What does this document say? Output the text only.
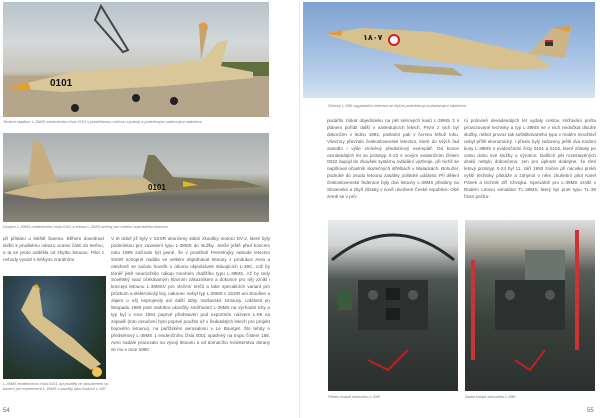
0101
Tovární stadium L-39MS evidenčního čísla 0101 s podvěšenou cvičnou výzbrojí a podvěsnými palivovými nádržemi
0101
Dvojice L-39MS evidenčního čísla 0101 a letoun L-39ZA určený pro tuhého vojenského letectva

při přistání u letiště Šarena. Během dosednutí došlo k prudkému nárazu ocasní části do terénu, a ta se proto oddělila od zbytku letounu. Pilot z nehody vyvázl s lehkými zraněními.

L-39MS evidenčního čísla 0101 byl později ve zkoušeném vybavení pro experiment L-39MS a použitý jako funkční L-59T

V té době již byly v SSSR ukončeny státní zkoušky motoru DV-2, které byly podmínkou pro zavedení typu L-39MS do služby. Jenže ještě před koncem roku 1989 začínalo být jasné, že v prostředí Perestrojky nebude letectvo SSSR schopné nadále ve velkém objednávat letouny z produkce Aera a otevřeně se začalo hovořit o útlumu objednávek stávajících L-39C, což by téměř jistě neumožnilo nákup mnohem dražšího typu L-39MS. Až by tedy Sovětský svaz očekávaným hlavním zákazníkem a dokonce pro něj vznikl i koncept letounu L-39MSV pro vlečení terčů a také speciálních variant pro průzkum a elektronický boj, nakonec nebyl typ L-39MS v SSSR ani zkoušen a zájem o něj neprojevily ani další státy Varšavské smlouvy. Události po listopadu 1989 poté nadobro ukončily směřování L-39MS na východní trhy a typ byl v roce 1991 poprvé představen pod exportním názvem L-59 na západě (toto označení bylo poprvé použito už v šedesátých letech pro projekt bojového letounu), na pařížském aerosalonu v Le Bourget. Šlo tehdy o předsériový L-39MS 1 evidenčního čísla 0001 opatřený na trupu číslem 188. Aero nadále pracovalo na vývoji letounu a od domácího ministerstva obrany se mu v roce 1990

54
١٨٠٧
Sériový L-59E egyptského letectva se čtyřmi podvěšenými přídavnými nádržemi

podařilo získat objednávku na pět sériových kusů L-39MS 3 s plánem pořídit další v následujících letech. První z nich byl dokončen v lednu 1992, poslední pak v červnu téhož roku. Všechny převzalo československé letectvo, které do svých řad zavedlo i výše zmíněný předsériový exemplář. Od konce osmdesátých let se prototyp X-22 s novým evidenčním číslem 0022 zapojil do zkoušek systému ovládání výzbroje, při nichž se naplňoval účastník skutečných střelbách v Malackách. Bohužel, podruhé do osudu letounu zasáhly politické události. Při dělení československé federace byly dva letouny L-39MS předány na Slovensko a zbylí zůstaly v nově utvořené České republice. Obě země se v prů-

ní polovině devadesátých let vydaly cestou snižování počtu provozované techniky a typ L-39MS se v nich nedočkal dlouhé služby, neboť provoz tak sofistikovaného typu v malém množství nebyl příliš ekonomický. I přesto byly zařazeny ještě dva tovární kusy L-39MS s evidenčními čísly 0101 a 0102, které zůstaly po celou dobu své služby u výrobce. Dalších pět rozestavěných draků nebylo dokončeno. Jen pro úplnost dodejme, že třetí letový prototyp X-24 byl 11. září 1992 zničen při nácviku prvků vyšší techniky pilotáže a zahynul v něm zkušební pilot Karel Pánek a technik Jiří Chvojka. Speciálně pro L-39MS vznikl v Rudém Letovu simulátor TL-39MS, který byl proti typu TL-39 řízen počíta-

Přední kokpit sériového L-59E	Zadní kokpit sériového L-59E
55
